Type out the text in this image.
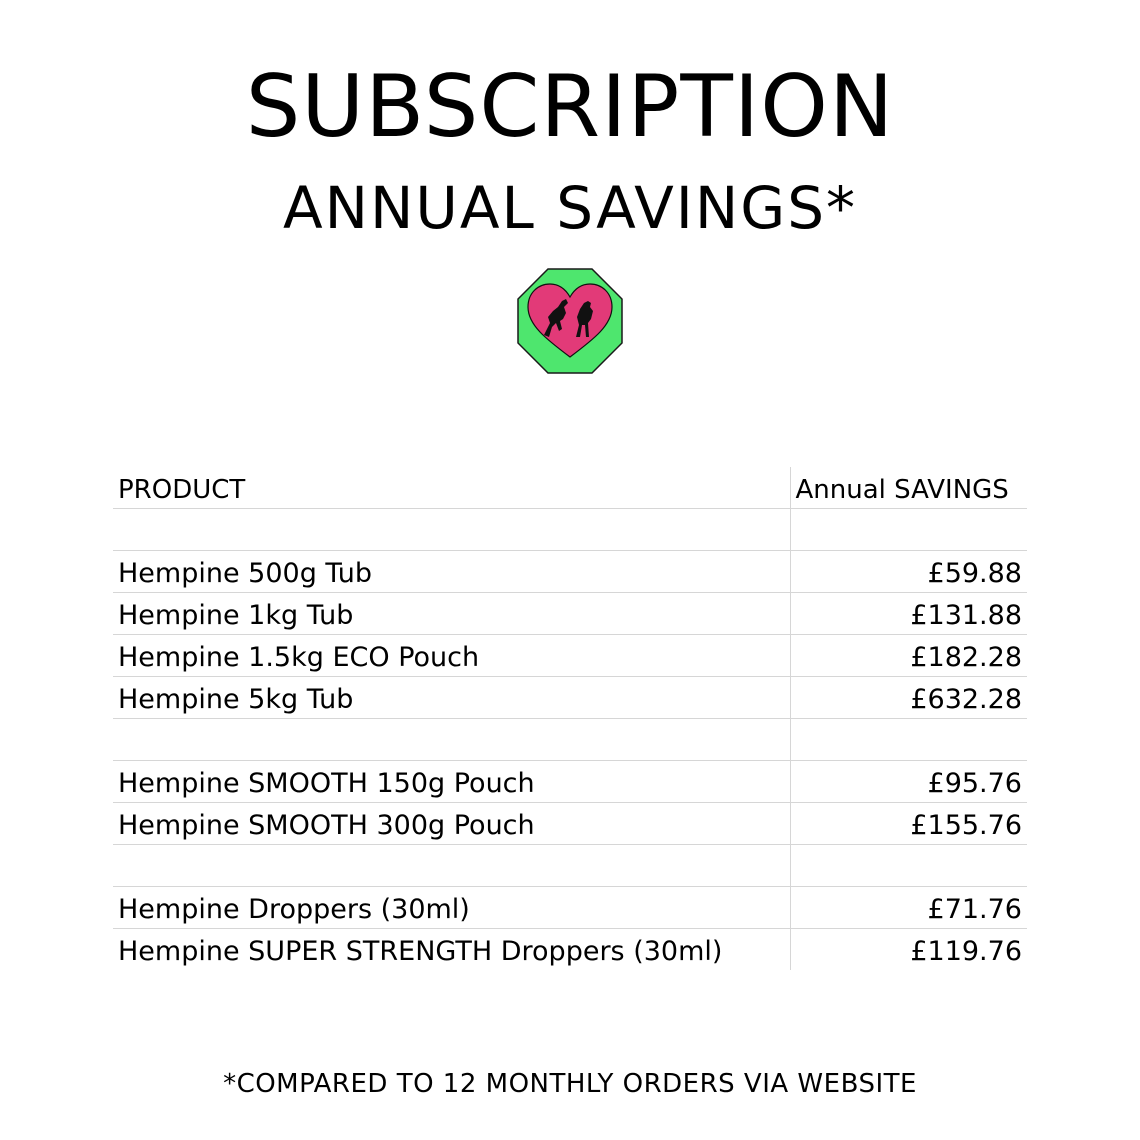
SUBSCRIPTION
ANNUAL SAVINGS*
PRODUCT	Annual SAVINGS

Hempine 500g Tub	£59.88
Hempine 1kg Tub	£131.88
Hempine 1.5kg ECO Pouch	£182.28
Hempine 5kg Tub	£632.28

Hempine SMOOTH 150g Pouch	£95.76
Hempine SMOOTH 300g Pouch	£155.76

Hempine Droppers (30ml)	£71.76
Hempine SUPER STRENGTH Droppers (30ml)	£119.76
*COMPARED TO 12 MONTHLY ORDERS VIA WEBSITE
